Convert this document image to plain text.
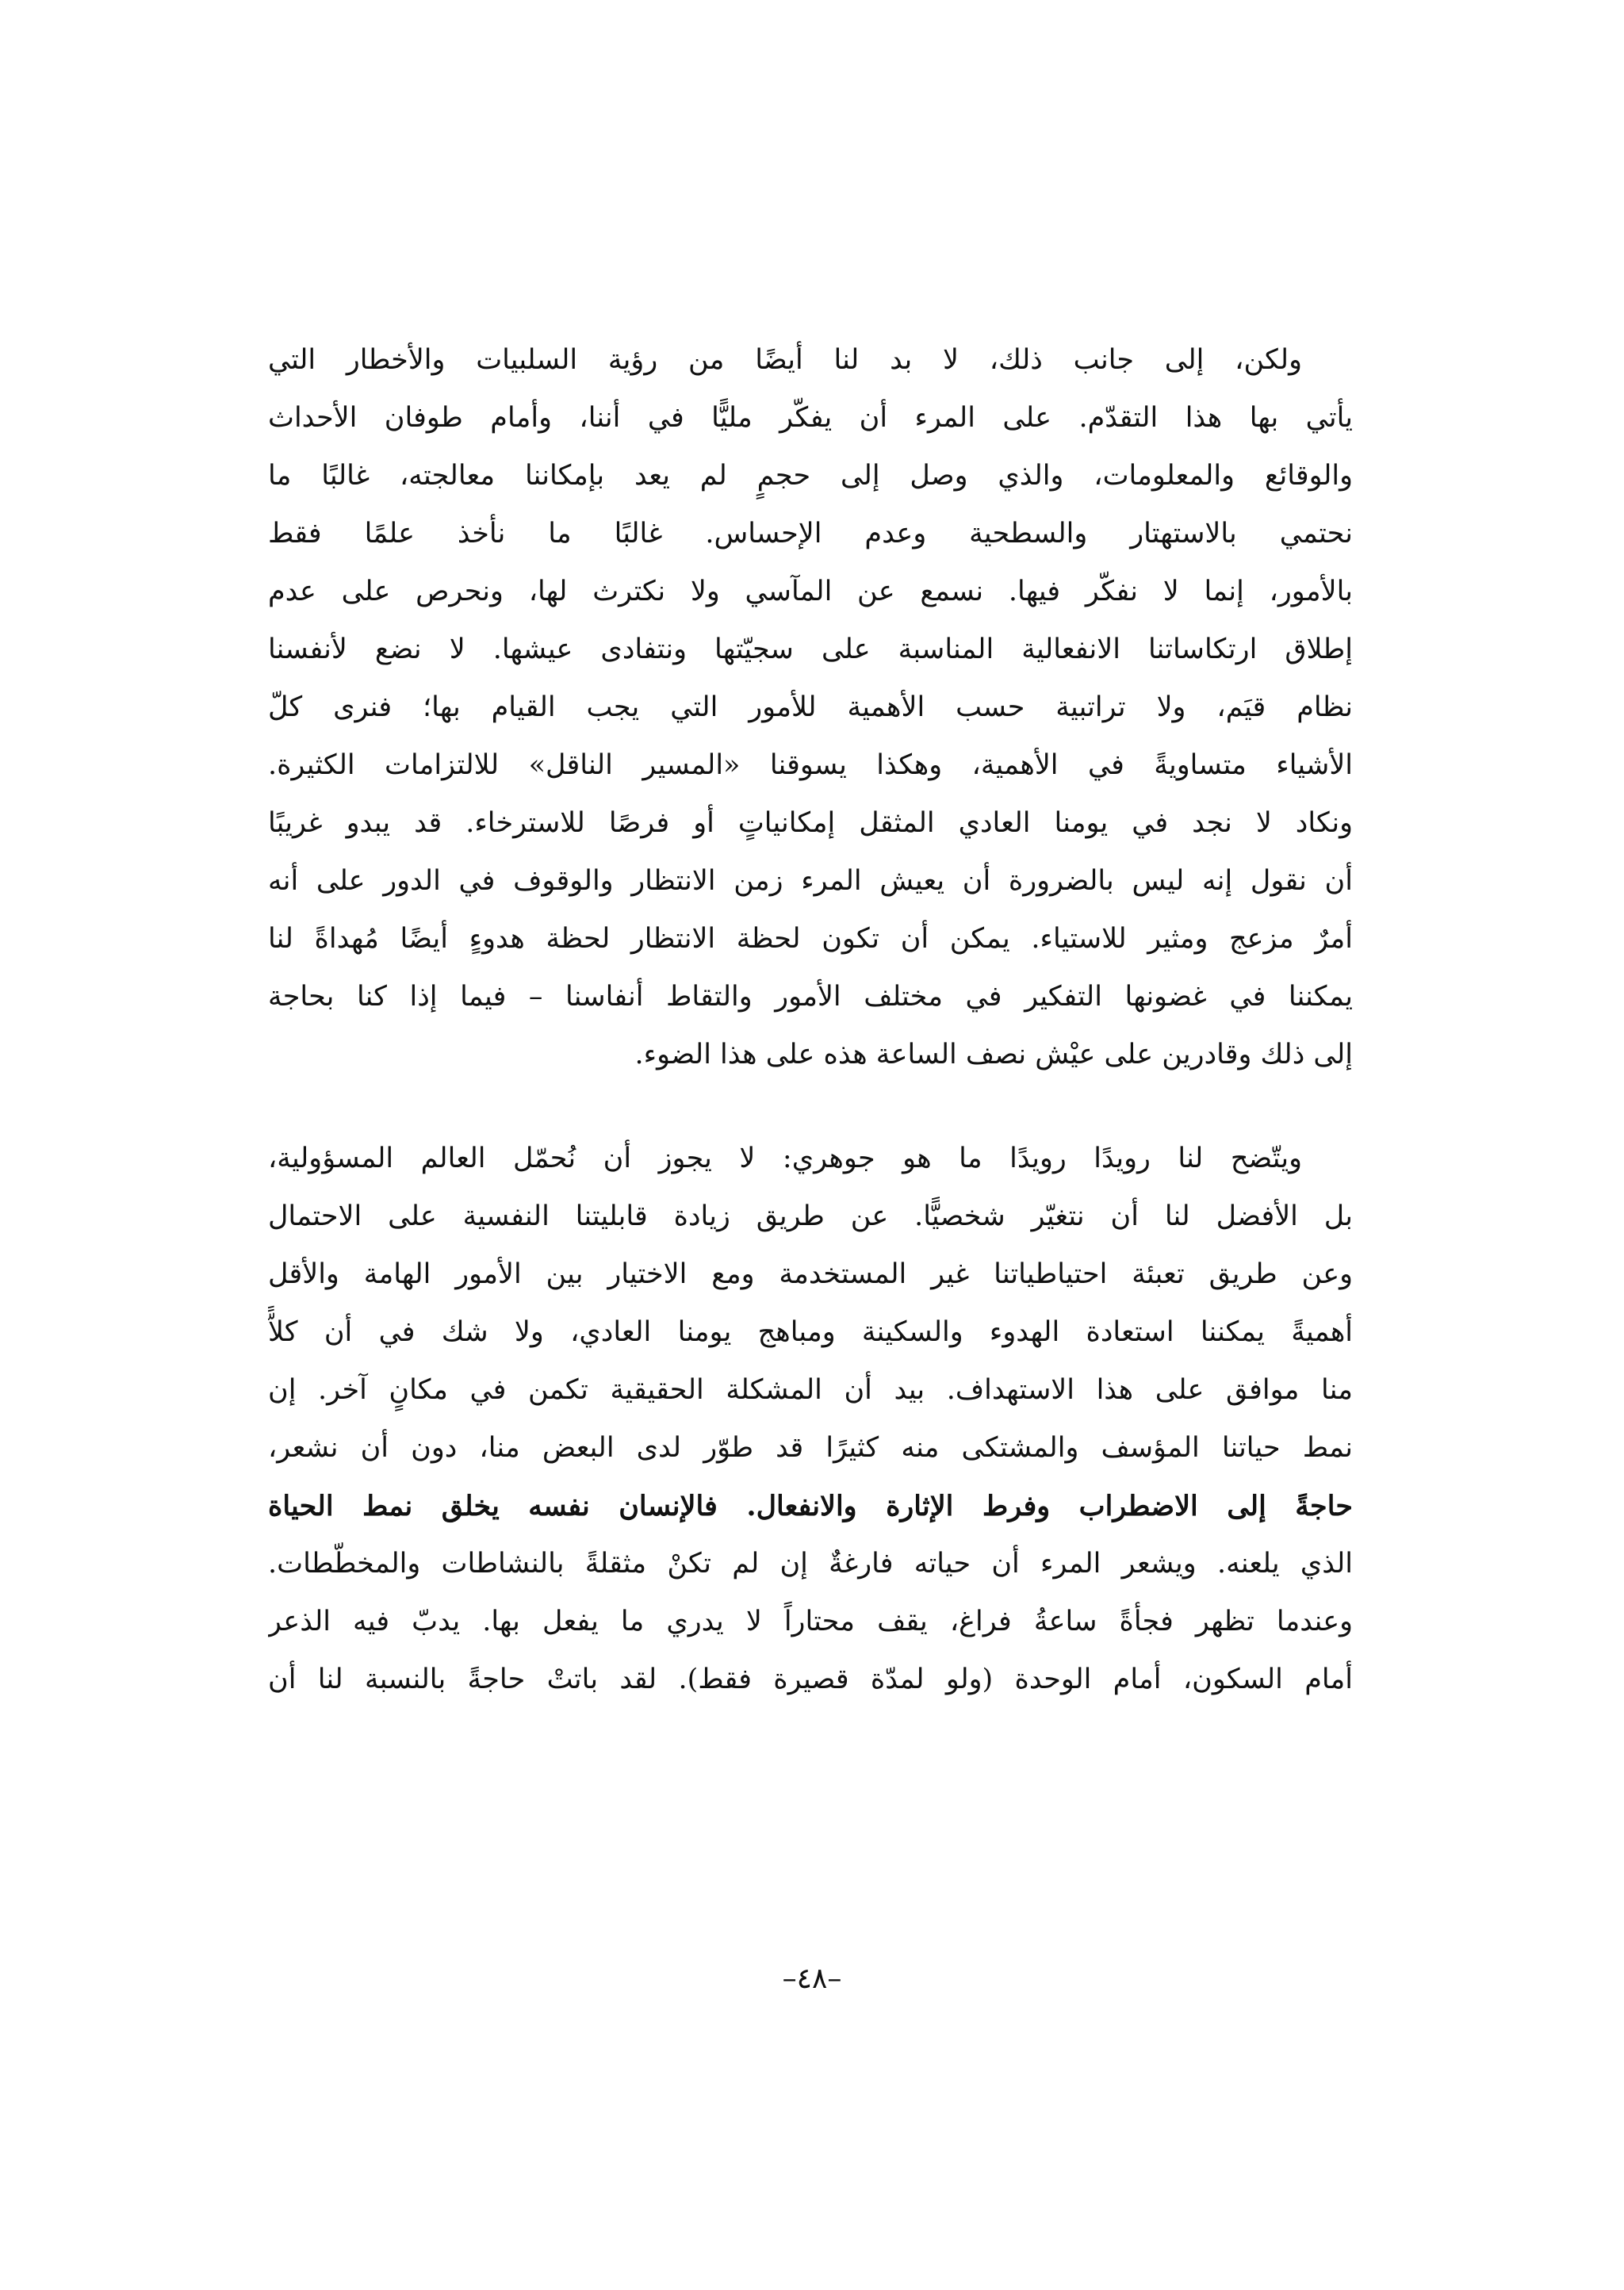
ولكن، إلى جانب ذلك، لا بد لنا أيضًا من رؤية السلبيات والأخطار التي
يأتي بها هذا التقدّم. على المرء أن يفكّر مليًّا في أننا، وأمام طوفان الأحداث
والوقائع والمعلومات، والذي وصل إلى حجمٍ لم يعد بإمكاننا معالجته، غالبًا ما
نحتمي بالاستهتار والسطحية وعدم الإحساس. غالبًا ما نأخذ علمًا فقط
بالأمور، إنما لا نفكّر فيها. نسمع عن المآسي ولا نكترث لها، ونحرص على عدم
إطلاق ارتكاساتنا الانفعالية المناسبة على سجيّتها ونتفادى عيشها. لا نضع لأنفسنا
نظام قيَم، ولا تراتبية حسب الأهمية للأمور التي يجب القيام بها؛ فنرى كلّ
الأشياء متساويةً في الأهمية، وهكذا يسوقنا «المسير الناقل» للالتزامات الكثيرة.
ونكاد لا نجد في يومنا العادي المثقل إمكانياتٍ أو فرصًا للاسترخاء. قد يبدو غريبًا
أن نقول إنه ليس بالضرورة أن يعيش المرء زمن الانتظار والوقوف في الدور على أنه
أمرٌ مزعج ومثير للاستياء. يمكن أن تكون لحظة الانتظار لحظة هدوءٍ أيضًا مُهداةً لنا
يمكننا في غضونها التفكير في مختلف الأمور والتقاط أنفاسنا – فيما إذا كنا بحاجة
إلى ذلك وقادرين على عيْش نصف الساعة هذه على هذا الضوء.

ويتّضح لنا رويدًا رويدًا ما هو جوهري: لا يجوز أن نُحمّل العالم المسؤولية،
بل الأفضل لنا أن نتغيّر شخصيًّا. عن طريق زيادة قابليتنا النفسية على الاحتمال
وعن طريق تعبئة احتياطياتنا غير المستخدمة ومع الاختيار بين الأمور الهامة والأقل
أهميةً يمكننا استعادة الهدوء والسكينة ومباهج يومنا العادي، ولا شك في أن كلاًّ
منا موافق على هذا الاستهداف. بيد أن المشكلة الحقيقية تكمن في مكانٍ آخر. إن
نمط حياتنا المؤسف والمشتكى منه كثيرًا قد طوّر لدى البعض منا، دون أن نشعر،
حاجةً إلى الاضطراب وفرط الإثارة والانفعال. فالإنسان نفسه يخلق نمط الحياة
الذي يلعنه. ويشعر المرء أن حياته فارغةٌ إن لم تكنْ مثقلةً بالنشاطات والمخطّطات.
وعندما تظهر فجأةً ساعةُ فراغ، يقف محتاراً لا يدري ما يفعل بها. يدبّ فيه الذعر
أمام السكون، أمام الوحدة (ولو لمدّة قصيرة فقط). لقد باتتْ حاجةً بالنسبة لنا أن

–٤٨–
